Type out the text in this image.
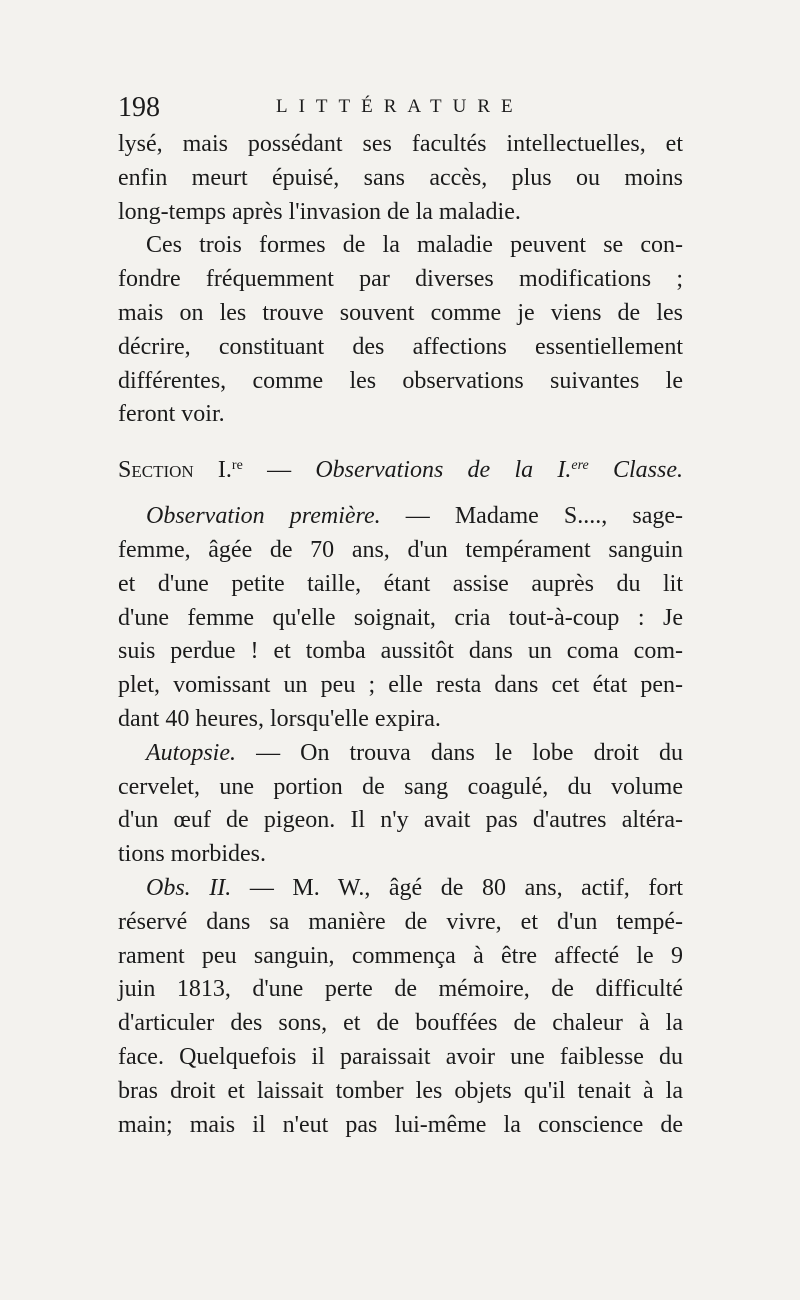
198	LITTÉRATURE
lysé, mais possédant ses facultés intellectuelles, et
enfin meurt épuisé, sans accès, plus ou moins
long-temps après l'invasion de la maladie.
Ces trois formes de la maladie peuvent se con-
fondre fréquemment par diverses modifications ;
mais on les trouve souvent comme je viens de les
décrire, constituant des affections essentiellement
différentes, comme les observations suivantes le
feront voir.
Section I.$^{re}$ — Observations de la I.$^{ere}$ Classe.
Observation première. — Madame S...., sage-
femme, âgée de 70 ans, d'un tempérament sanguin
et d'une petite taille, étant assise auprès du lit
d'une femme qu'elle soignait, cria tout-à-coup : Je
suis perdue ! et tomba aussitôt dans un coma com-
plet, vomissant un peu ; elle resta dans cet état pen-
dant 40 heures, lorsqu'elle expira.
Autopsie. — On trouva dans le lobe droit du
cervelet, une portion de sang coagulé, du volume
d'un œuf de pigeon. Il n'y avait pas d'autres altéra-
tions morbides.
Obs. II. — M. W., âgé de 80 ans, actif, fort
réservé dans sa manière de vivre, et d'un tempé-
rament peu sanguin, commença à être affecté le 9
juin 1813, d'une perte de mémoire, de difficulté
d'articuler des sons, et de bouffées de chaleur à la
face. Quelquefois il paraissait avoir une faiblesse du
bras droit et laissait tomber les objets qu'il tenait à la
main; mais il n'eut pas lui-même la conscience de
